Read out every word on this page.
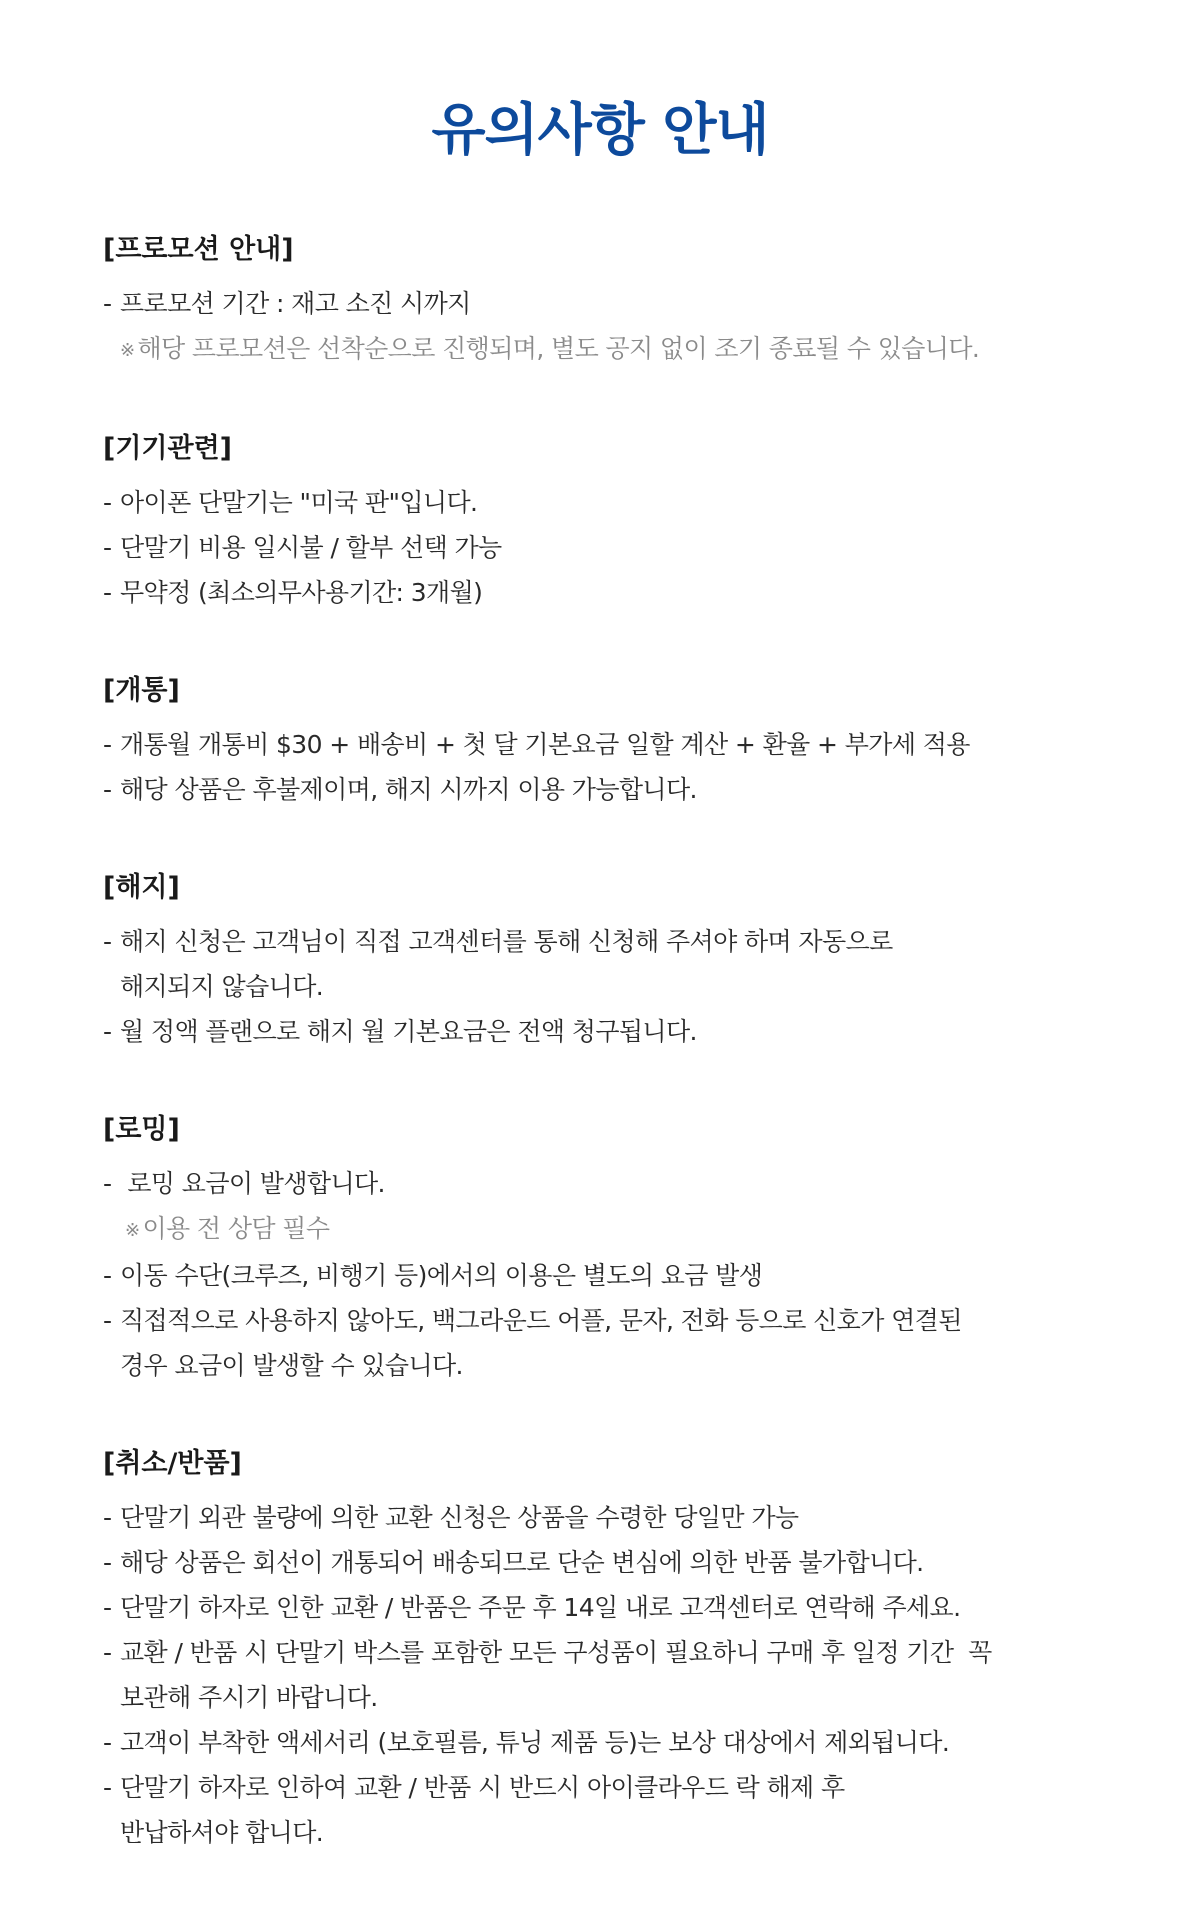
유의사항 안내
[프로모션 안내]
- 프로모션 기간 : 재고 소진 시까지
※ 해당 프로모션은 선착순으로 진행되며, 별도 공지 없이 조기 종료될 수 있습니다.
[기기관련]
- 아이폰 단말기는 "미국 판"입니다.
- 단말기 비용 일시불 / 할부 선택 가능
- 무약정 (최소의무사용기간: 3개월)
[개통]
- 개통월 개통비 $30 + 배송비 + 첫 달 기본요금 일할 계산 + 환율 + 부가세 적용
- 해당 상품은 후불제이며, 해지 시까지 이용 가능합니다.
[해지]
- 해지 신청은 고객님이 직접 고객센터를 통해 신청해 주셔야 하며 자동으로
해지되지 않습니다.
- 월 정액 플랜으로 해지 월 기본요금은 전액 청구됩니다.
[로밍]
- 로밍 요금이 발생합니다.
※ 이용 전 상담 필수
- 이동 수단(크루즈, 비행기 등)에서의 이용은 별도의 요금 발생
- 직접적으로 사용하지 않아도, 백그라운드 어플, 문자, 전화 등으로 신호가 연결된
경우 요금이 발생할 수 있습니다.
[취소/반품]
- 단말기 외관 불량에 의한 교환 신청은 상품을 수령한 당일만 가능
- 해당 상품은 회선이 개통되어 배송되므로 단순 변심에 의한 반품 불가합니다.
- 단말기 하자로 인한 교환 / 반품은 주문 후 14일 내로 고객센터로 연락해 주세요.
- 교환 / 반품 시 단말기 박스를 포함한 모든 구성품이 필요하니 구매 후 일정 기간  꼭
보관해 주시기 바랍니다.
- 고객이 부착한 액세서리 (보호필름, 튜닝 제품 등)는 보상 대상에서 제외됩니다.
- 단말기 하자로 인하여 교환 / 반품 시 반드시 아이클라우드 락 해제 후
반납하셔야 합니다.
